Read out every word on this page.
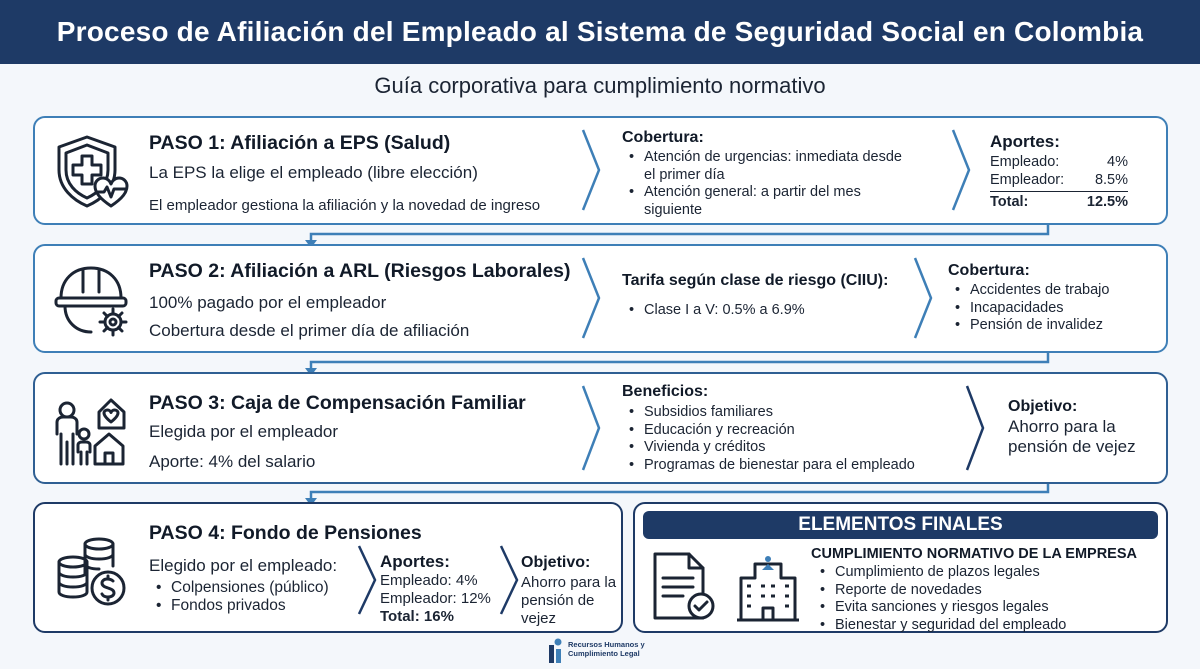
Proceso de Afiliación del Empleado al Sistema de Seguridad Social en Colombia
Guía corporativa para cumplimiento normativo
PASO 1: Afiliación a EPS (Salud)
La EPS la elige el empleado (libre elección)
El empleador gestiona la afiliación y la novedad de ingreso
Cobertura:
• Atención de urgencias: inmediata desde
el primer día
• Atención general: a partir del mes
siguiente
Aportes:
Empleado:	4%
Empleador: 8.5%
Total:	12.5%
PASO 2: Afiliación a ARL (Riesgos Laborales)
100% pagado por el empleador
Cobertura desde el primer día de afiliación
Tarifa según clase de riesgo (CIIU):
• Clase I a V: 0.5% a 6.9%
Cobertura:
• Accidentes de trabajo
• Incapacidades
• Pensión de invalidez
PASO 3: Caja de Compensación Familiar
Elegida por el empleador
Aporte: 4% del salario
Beneficios:
• Subsidios familiares
• Educación y recreación
• Vivienda y créditos
• Programas de bienestar para el empleado
Objetivo:
Ahorro para la
pensión de vejez
PASO 4: Fondo de Pensiones
Elegido por el empleado:
• Colpensiones (público)
• Fondos privados
Aportes:
Empleado: 4%
Empleador: 12%
Total: 16%
Objetivo:
Ahorro para la
pensión de
vejez
ELEMENTOS FINALES
CUMPLIMIENTO NORMATIVO DE LA EMPRESA
• Cumplimiento de plazos legales
• Reporte de novedades
• Evita sanciones y riesgos legales
• Bienestar y seguridad del empleado
Recursos Humanos y
Cumplimiento Legal
